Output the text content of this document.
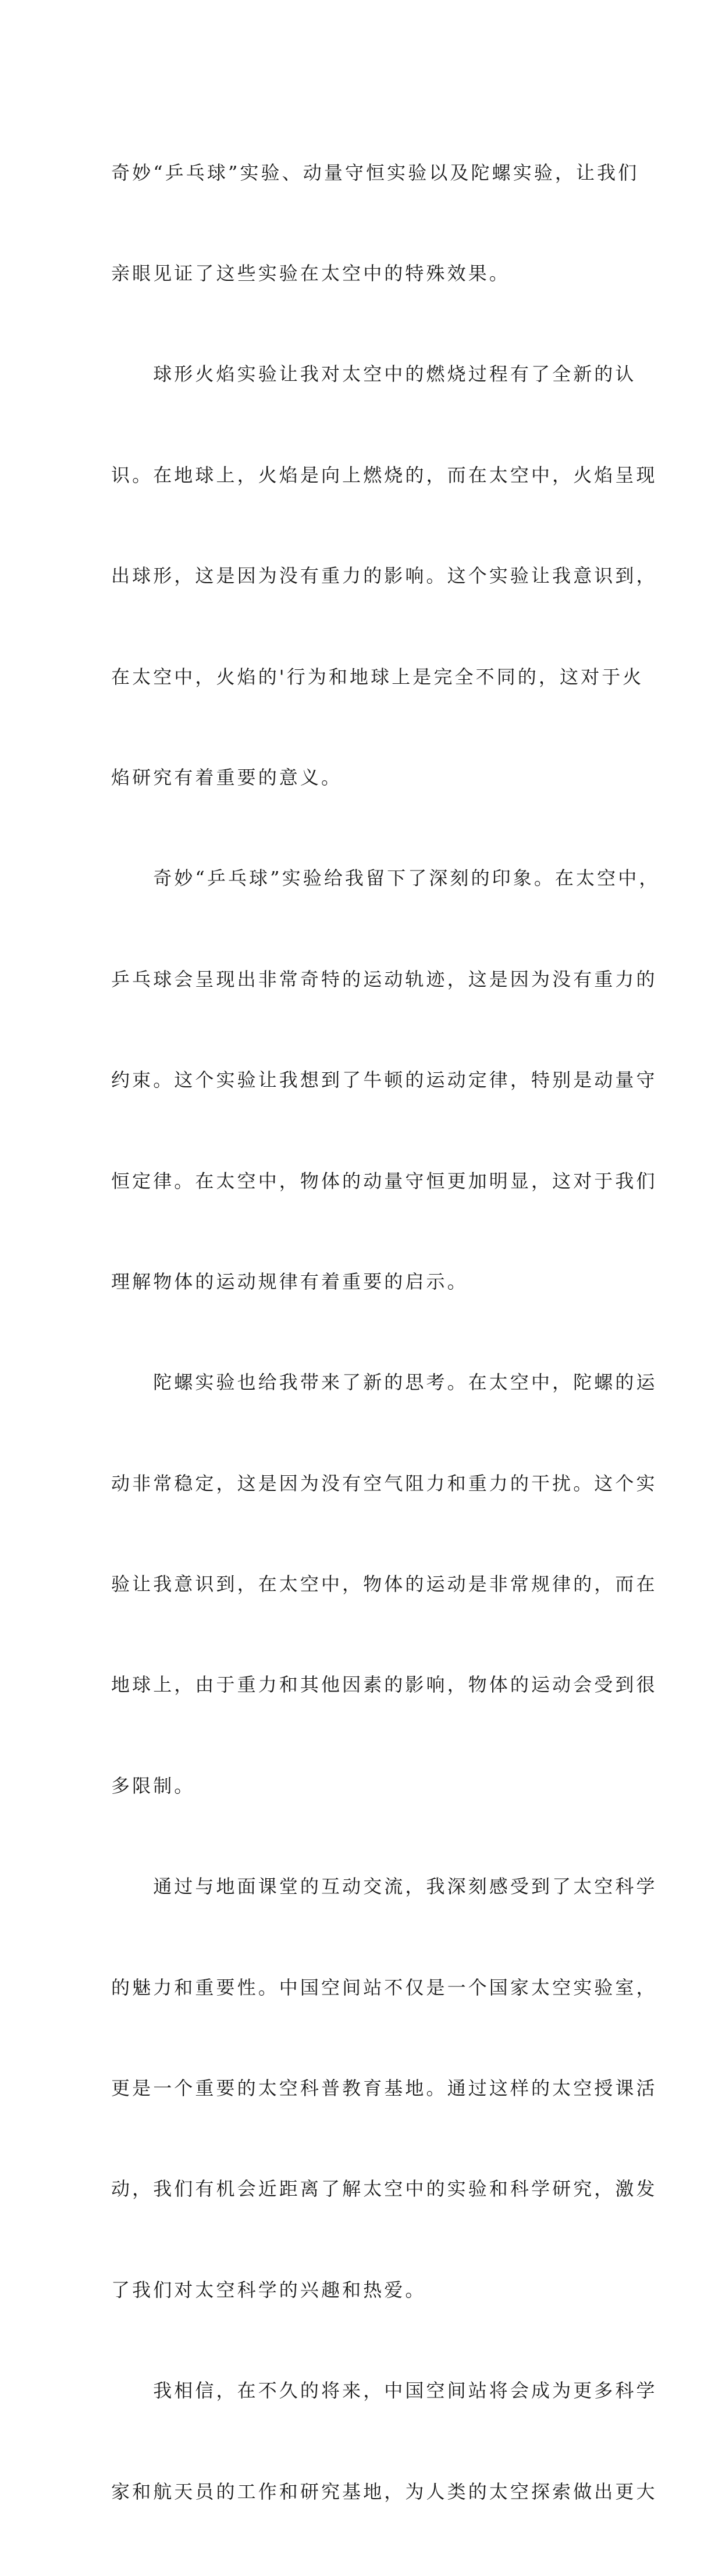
奇妙“乒乓球”实验、动量守恒实验以及陀螺实验，让我们

亲眼见证了这些实验在太空中的特殊效果。

　　球形火焰实验让我对太空中的燃烧过程有了全新的认

识。在地球上，火焰是向上燃烧的，而在太空中，火焰呈现

出球形，这是因为没有重力的影响。这个实验让我意识到，

在太空中，火焰的'行为和地球上是完全不同的，这对于火

焰研究有着重要的意义。

　　奇妙“乒乓球”实验给我留下了深刻的印象。在太空中，

乒乓球会呈现出非常奇特的运动轨迹，这是因为没有重力的

约束。这个实验让我想到了牛顿的运动定律，特别是动量守

恒定律。在太空中，物体的动量守恒更加明显，这对于我们

理解物体的运动规律有着重要的启示。

　　陀螺实验也给我带来了新的思考。在太空中，陀螺的运

动非常稳定，这是因为没有空气阻力和重力的干扰。这个实

验让我意识到，在太空中，物体的运动是非常规律的，而在

地球上，由于重力和其他因素的影响，物体的运动会受到很

多限制。

　　通过与地面课堂的互动交流，我深刻感受到了太空科学

的魅力和重要性。中国空间站不仅是一个国家太空实验室，

更是一个重要的太空科普教育基地。通过这样的太空授课活

动，我们有机会近距离了解太空中的实验和科学研究，激发

了我们对太空科学的兴趣和热爱。

　　我相信，在不久的将来，中国空间站将会成为更多科学

家和航天员的工作和研究基地，为人类的太空探索做出更大
